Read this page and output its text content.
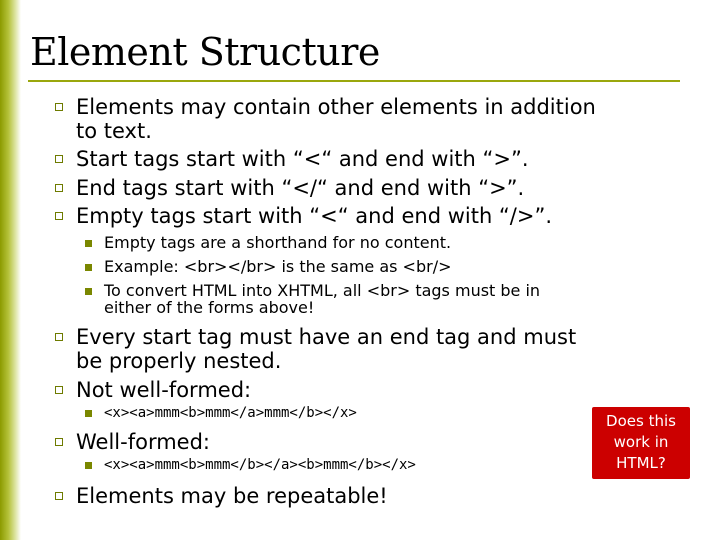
Element Structure
Elements may contain other elements in addition
to text.
Start tags start with “<“ and end with “>”.
End tags start with “</“ and end with “>”.
Empty tags start with “<“ and end with “/>”.
Empty tags are a shorthand for no content.
Example: <br></br> is the same as <br/>
To convert HTML into XHTML, all <br> tags must be in
either of the forms above!
Every start tag must have an end tag and must
be properly nested.
Not well-formed:
<x><a>mmm<b>mmm</a>mmm</b></x>
Well-formed:
<x><a>mmm<b>mmm</b></a><b>mmm</b></x>
Elements may be repeatable!
Does this
work in
HTML?
